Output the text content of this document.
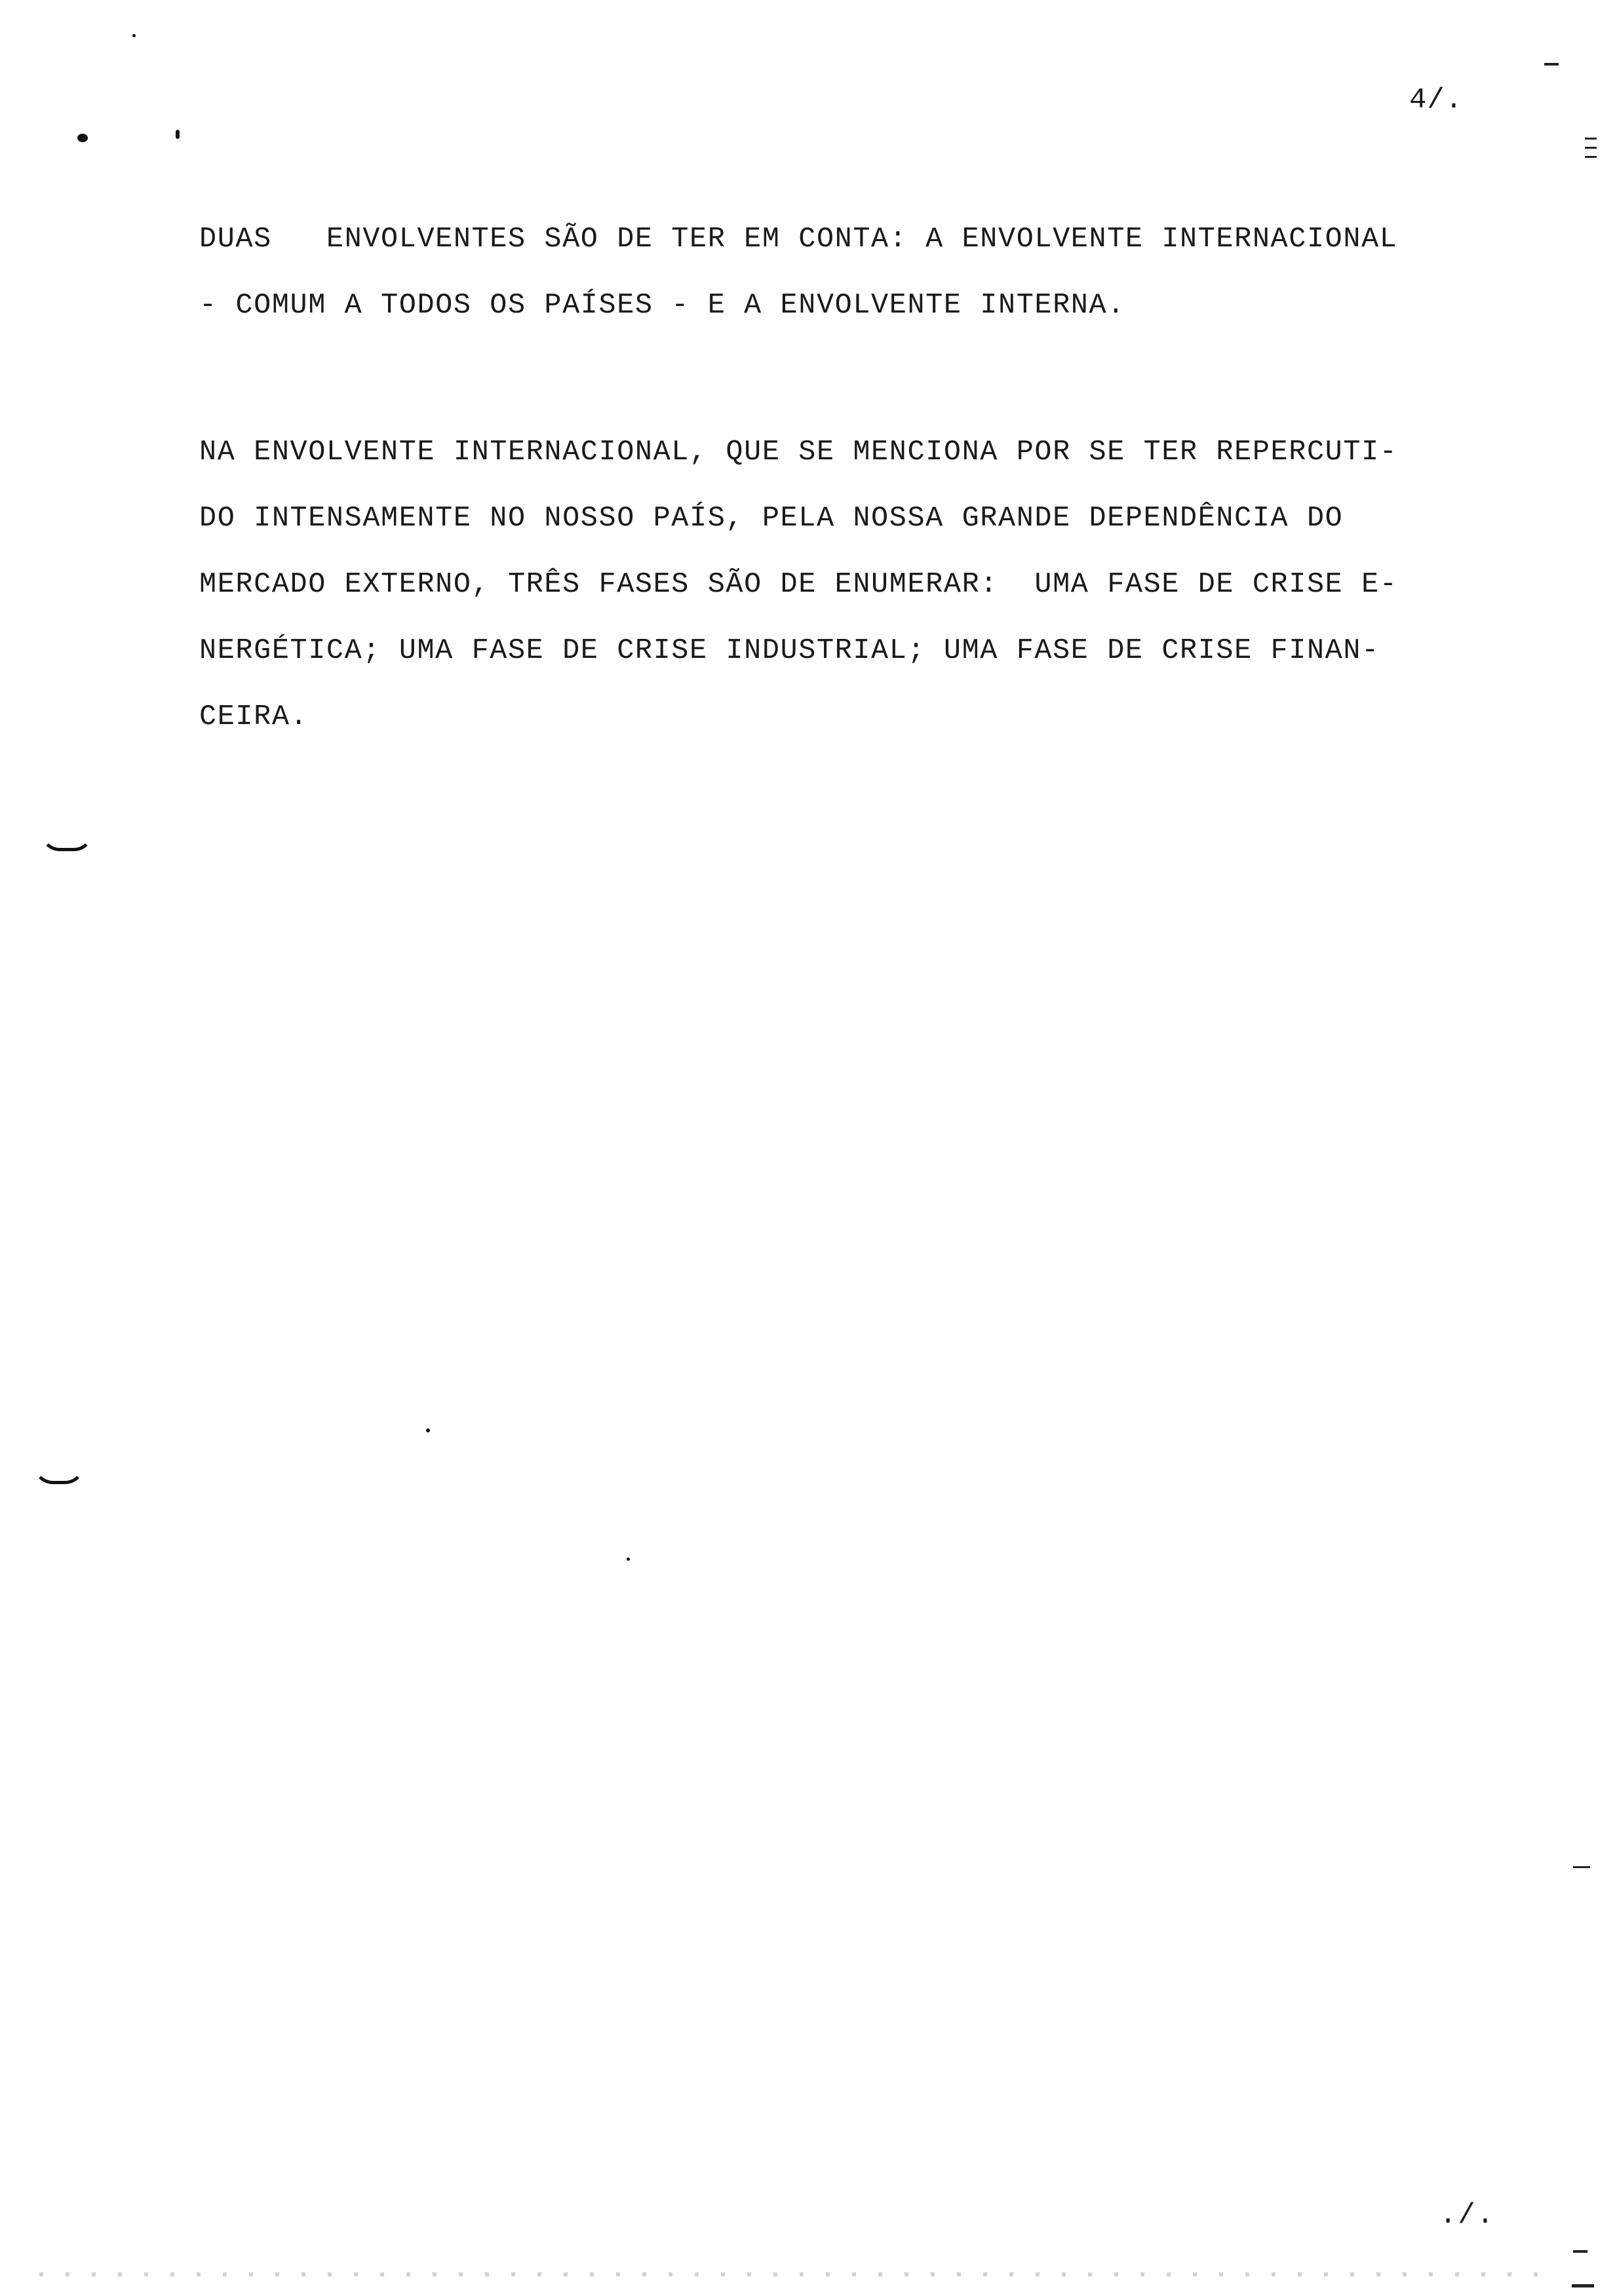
4/.
DUAS   ENVOLVENTES SÃO DE TER EM CONTA: A ENVOLVENTE INTERNACIONAL
- COMUM A TODOS OS PAÍSES - E A ENVOLVENTE INTERNA.
NA ENVOLVENTE INTERNACIONAL, QUE SE MENCIONA POR SE TER REPERCUTI-
DO INTENSAMENTE NO NOSSO PAÍS, PELA NOSSA GRANDE DEPENDÊNCIA DO
MERCADO EXTERNO, TRÊS FASES SÃO DE ENUMERAR:  UMA FASE DE CRISE E-
NERGÉTICA; UMA FASE DE CRISE INDUSTRIAL; UMA FASE DE CRISE FINAN-
CEIRA.
./.
